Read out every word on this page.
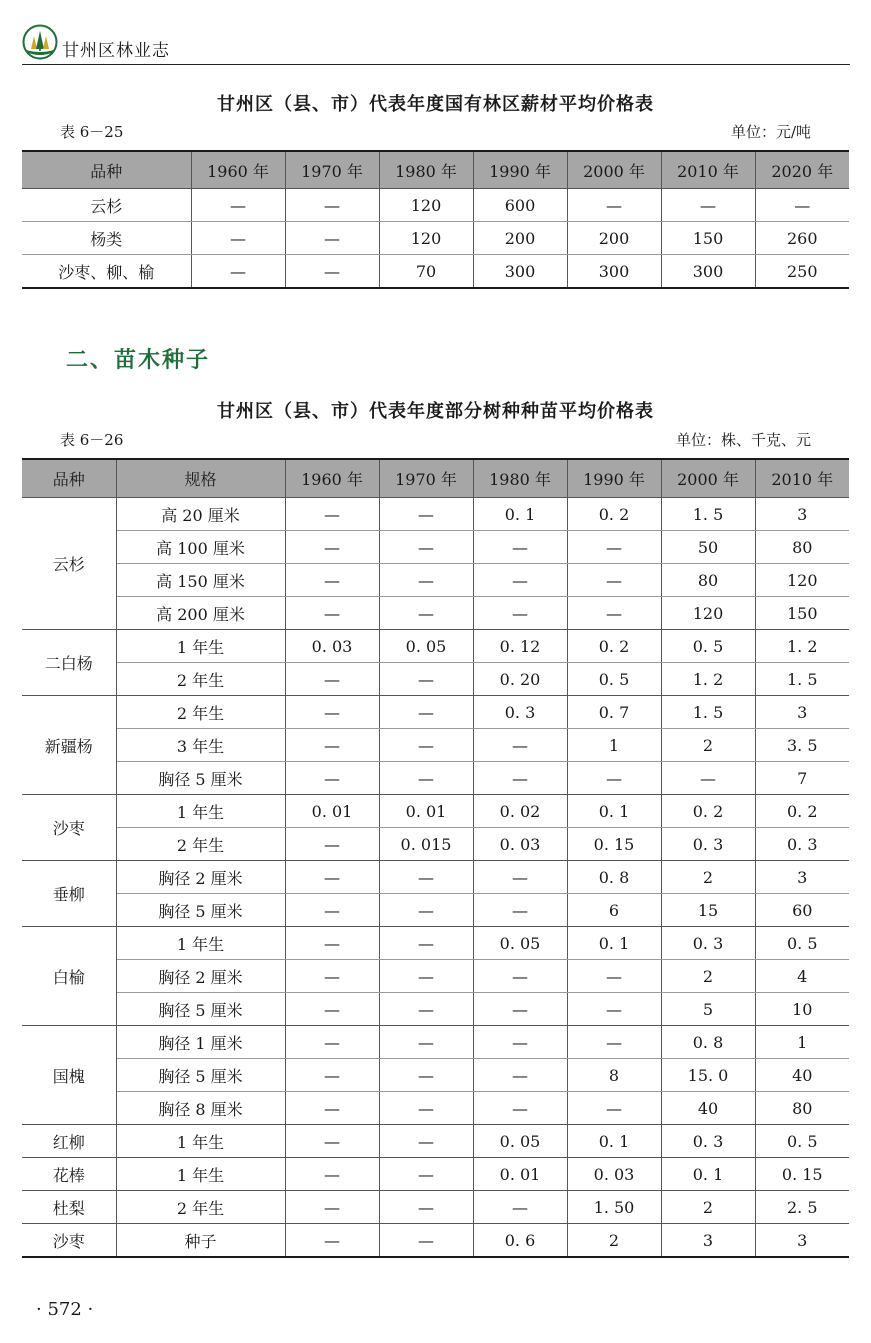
甘州区林业志
甘州区（县、市）代表年度国有林区薪材平均价格表
表 6－25	单位：元/吨
品种	1960 年	1970 年	1980 年	1990 年	2000 年	2010 年	2020 年
云杉	—	—	120	600	—	—	—
杨类	—	—	120	200	200	150	260
沙枣、柳、榆	—	—	70	300	300	300	250
二、苗木种子
甘州区（县、市）代表年度部分树种种苗平均价格表
表 6－26	单位：株、千克、元
品种	规格	1960 年	1970 年	1980 年	1990 年	2000 年	2010 年
云杉	高 20 厘米	—	—	0. 1	0. 2	1. 5	3
	高 100 厘米	—	—	—	—	50	80
	高 150 厘米	—	—	—	—	80	120
	高 200 厘米	—	—	—	—	120	150
二白杨	1 年生	0. 03	0. 05	0. 12	0. 2	0. 5	1. 2
	2 年生	—	—	0. 20	0. 5	1. 2	1. 5
新疆杨	2 年生	—	—	0. 3	0. 7	1. 5	3
	3 年生	—	—	—	1	2	3. 5
	胸径 5 厘米	—	—	—	—	—	7
沙枣	1 年生	0. 01	0. 01	0. 02	0. 1	0. 2	0. 2
	2 年生	—	0. 015	0. 03	0. 15	0. 3	0. 3
垂柳	胸径 2 厘米	—	—	—	0. 8	2	3
	胸径 5 厘米	—	—	—	6	15	60
白榆	1 年生	—	—	0. 05	0. 1	0. 3	0. 5
	胸径 2 厘米	—	—	—	—	2	4
	胸径 5 厘米	—	—	—	—	5	10
国槐	胸径 1 厘米	—	—	—	—	0. 8	1
	胸径 5 厘米	—	—	—	8	15. 0	40
	胸径 8 厘米	—	—	—	—	40	80
红柳	1 年生	—	—	0. 05	0. 1	0. 3	0. 5
花棒	1 年生	—	—	0. 01	0. 03	0. 1	0. 15
杜梨	2 年生	—	—	—	1. 50	2	2. 5
沙枣	种子	—	—	0. 6	2	3	3
· 572 ·
